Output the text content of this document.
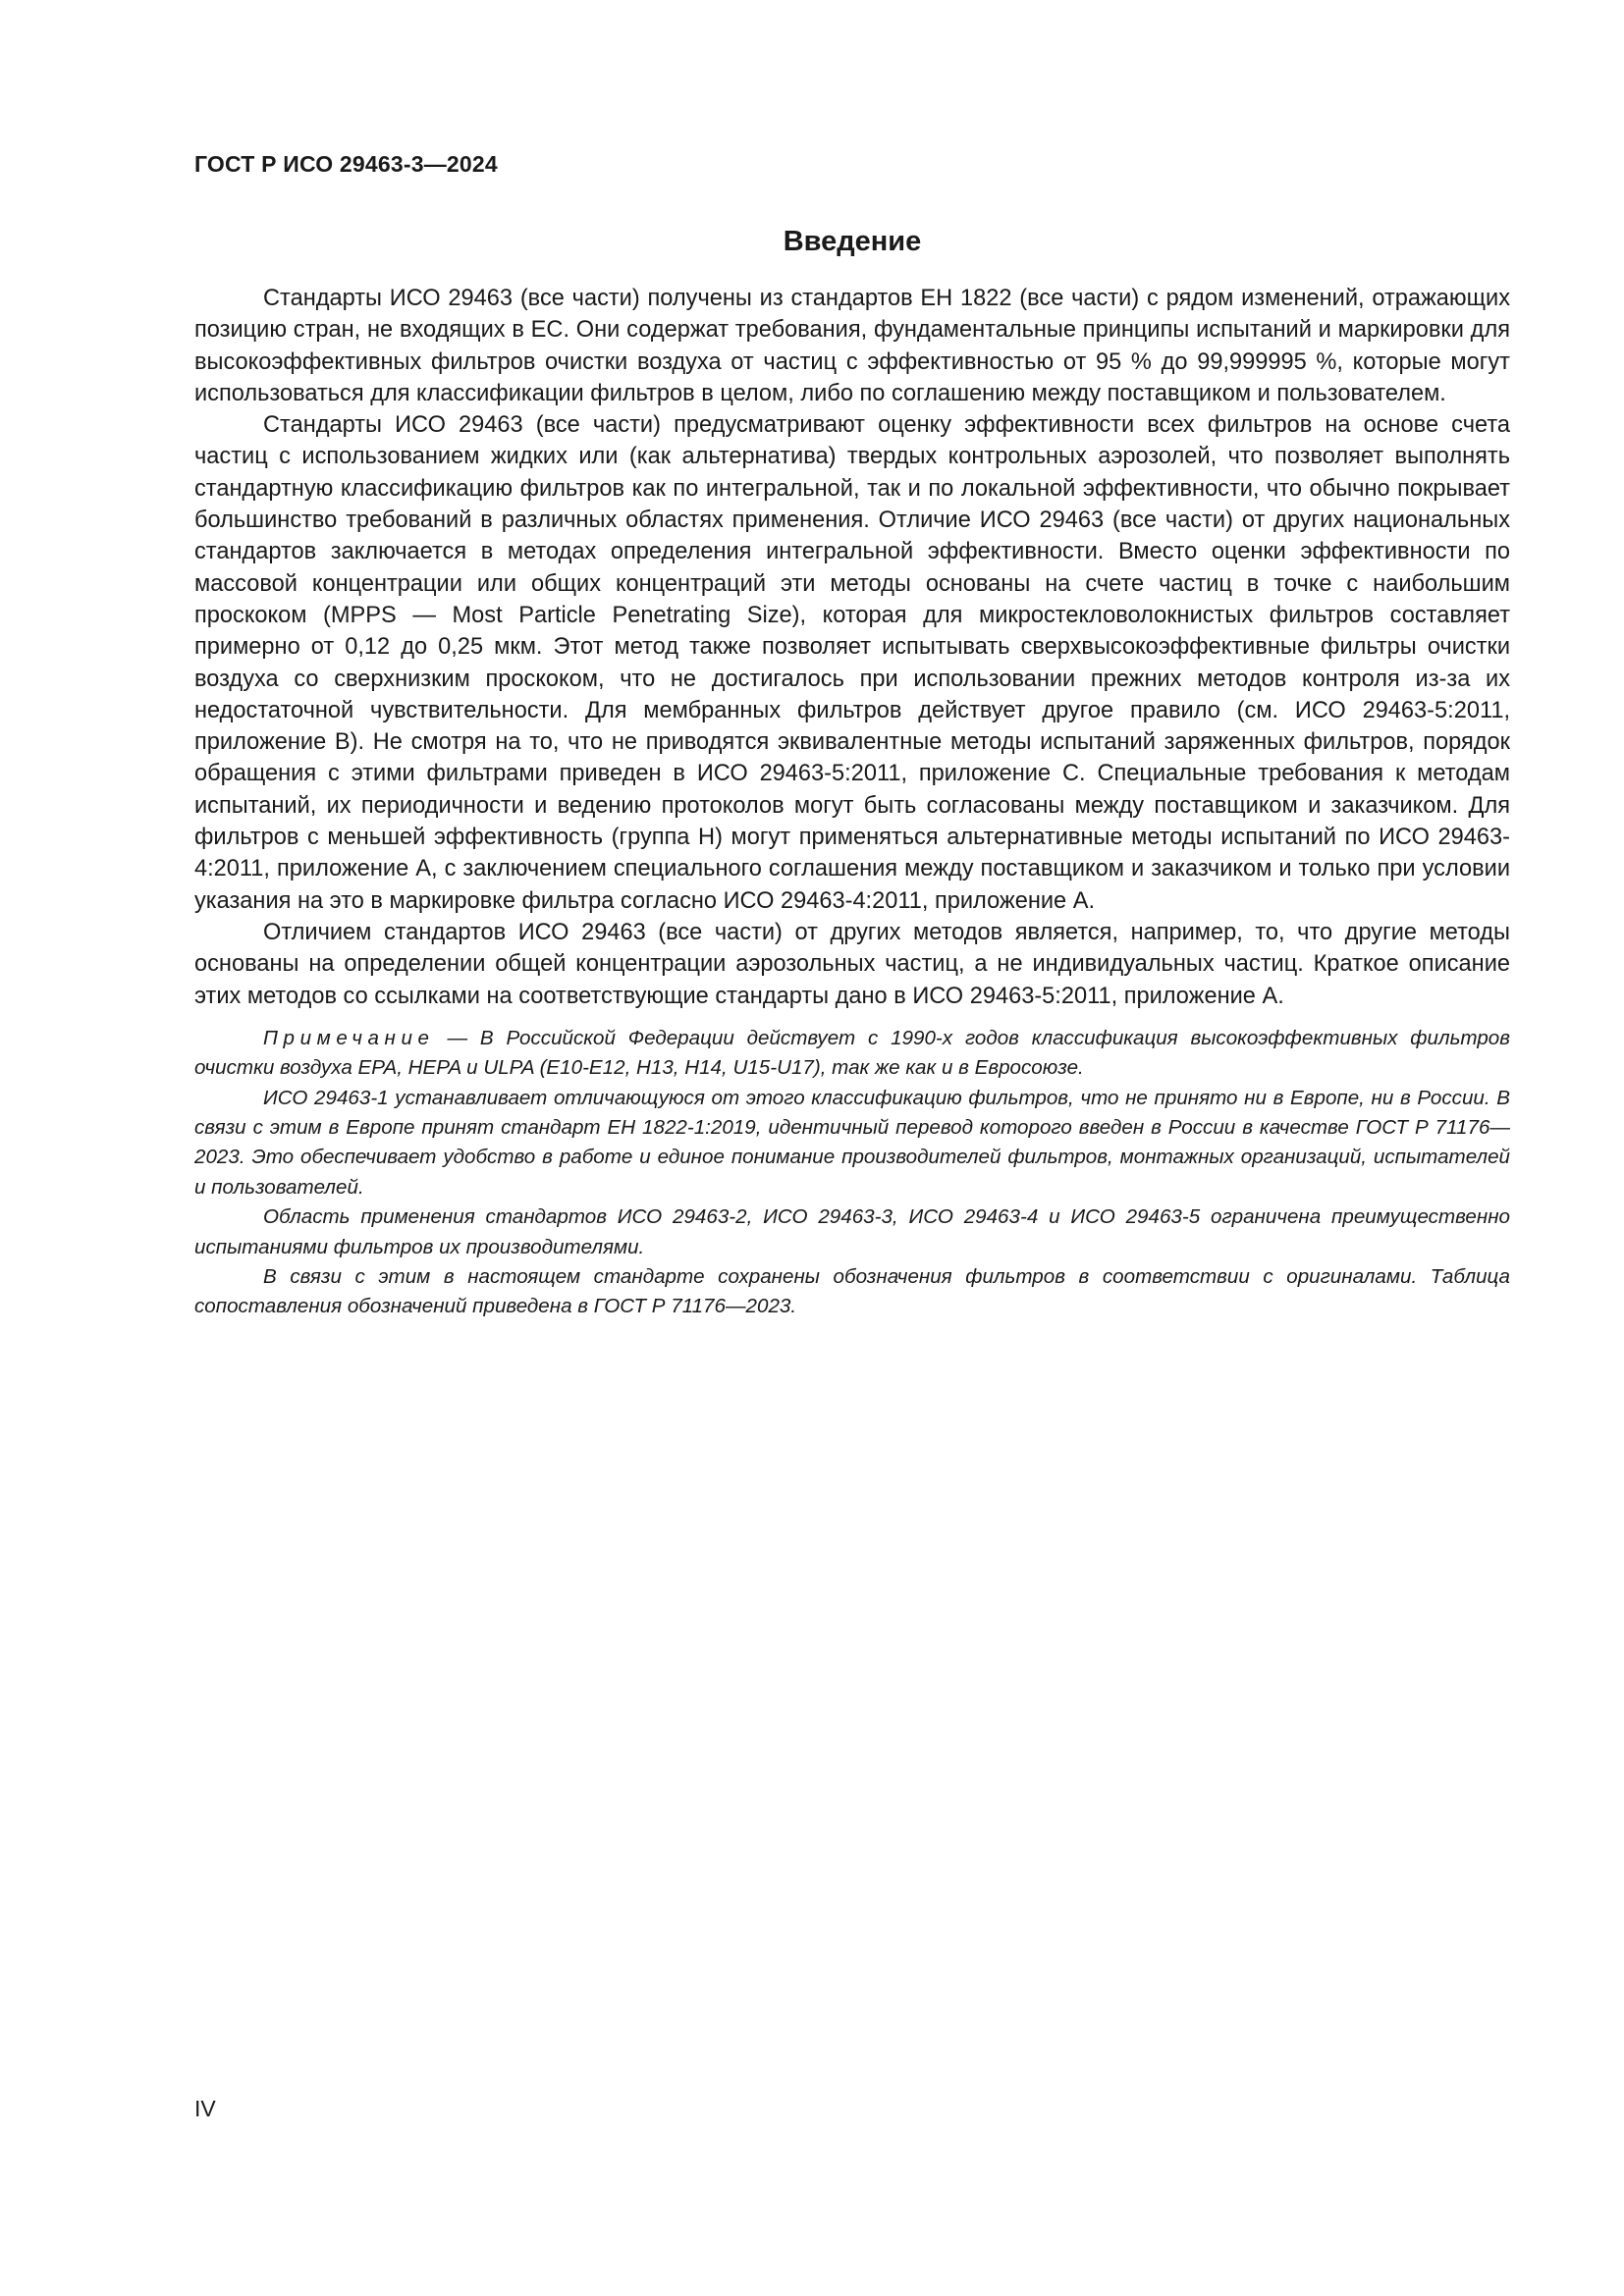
ГОСТ Р ИСО 29463-3—2024
Введение

Стандарты ИСО 29463 (все части) получены из стандартов ЕН 1822 (все части) с рядом изменений, отражающих позицию стран, не входящих в ЕС. Они содержат требования, фундаментальные принципы испытаний и маркировки для высокоэффективных фильтров очистки воздуха от частиц с эффективностью от 95 % до 99,999995 %, которые могут использоваться для классификации фильтров в целом, либо по соглашению между поставщиком и пользователем.

Стандарты ИСО 29463 (все части) предусматривают оценку эффективности всех фильтров на основе счета частиц с использованием жидких или (как альтернатива) твердых контрольных аэрозолей, что позволяет выполнять стандартную классификацию фильтров как по интегральной, так и по локальной эффективности, что обычно покрывает большинство требований в различных областях применения. Отличие ИСО 29463 (все части) от других национальных стандартов заключается в методах определения интегральной эффективности. Вместо оценки эффективности по массовой концентрации или общих концентраций эти методы основаны на счете частиц в точке с наибольшим проскоком (MPPS — Most Particle Penetrating Size), которая для микростекловолокнистых фильтров составляет примерно от 0,12 до 0,25 мкм. Этот метод также позволяет испытывать сверхвысокоэффективные фильтры очистки воздуха со сверхнизким проскоком, что не достигалось при использовании прежних методов контроля из-за их недостаточной чувствительности. Для мембранных фильтров действует другое правило (см. ИСО 29463-5:2011, приложение В). Не смотря на то, что не приводятся эквивалентные методы испытаний заряженных фильтров, порядок обращения с этими фильтрами приведен в ИСО 29463-5:2011, приложение С. Специальные требования к методам испытаний, их периодичности и ведению протоколов могут быть согласованы между поставщиком и заказчиком. Для фильтров с меньшей эффективность (группа Н) могут применяться альтернативные методы испытаний по ИСО 29463-4:2011, приложение А, с заключением специального соглашения между поставщиком и заказчиком и только при условии указания на это в маркировке фильтра согласно ИСО 29463-4:2011, приложение А.

Отличием стандартов ИСО 29463 (все части) от других методов является, например, то, что другие методы основаны на определении общей концентрации аэрозольных частиц, а не индивидуальных частиц. Краткое описание этих методов со ссылками на соответствующие стандарты дано в ИСО 29463-5:2011, приложение А.

Примечание — В Российской Федерации действует с 1990-х годов классификация высокоэффективных фильтров очистки воздуха EPA, HEPA и ULPA (E10-E12, H13, H14, U15-U17), так же как и в Евросоюзе.

ИСО 29463-1 устанавливает отличающуюся от этого классификацию фильтров, что не принято ни в Европе, ни в России. В связи с этим в Европе принят стандарт ЕН 1822-1:2019, идентичный перевод которого введен в России в качестве ГОСТ Р 71176—2023. Это обеспечивает удобство в работе и единое понимание производителей фильтров, монтажных организаций, испытателей и пользователей.

Область применения стандартов ИСО 29463-2, ИСО 29463-3, ИСО 29463-4 и ИСО 29463-5 ограничена преимущественно испытаниями фильтров их производителями.

В связи с этим в настоящем стандарте сохранены обозначения фильтров в соответствии с оригиналами. Таблица сопоставления обозначений приведена в ГОСТ Р 71176—2023.

IV
